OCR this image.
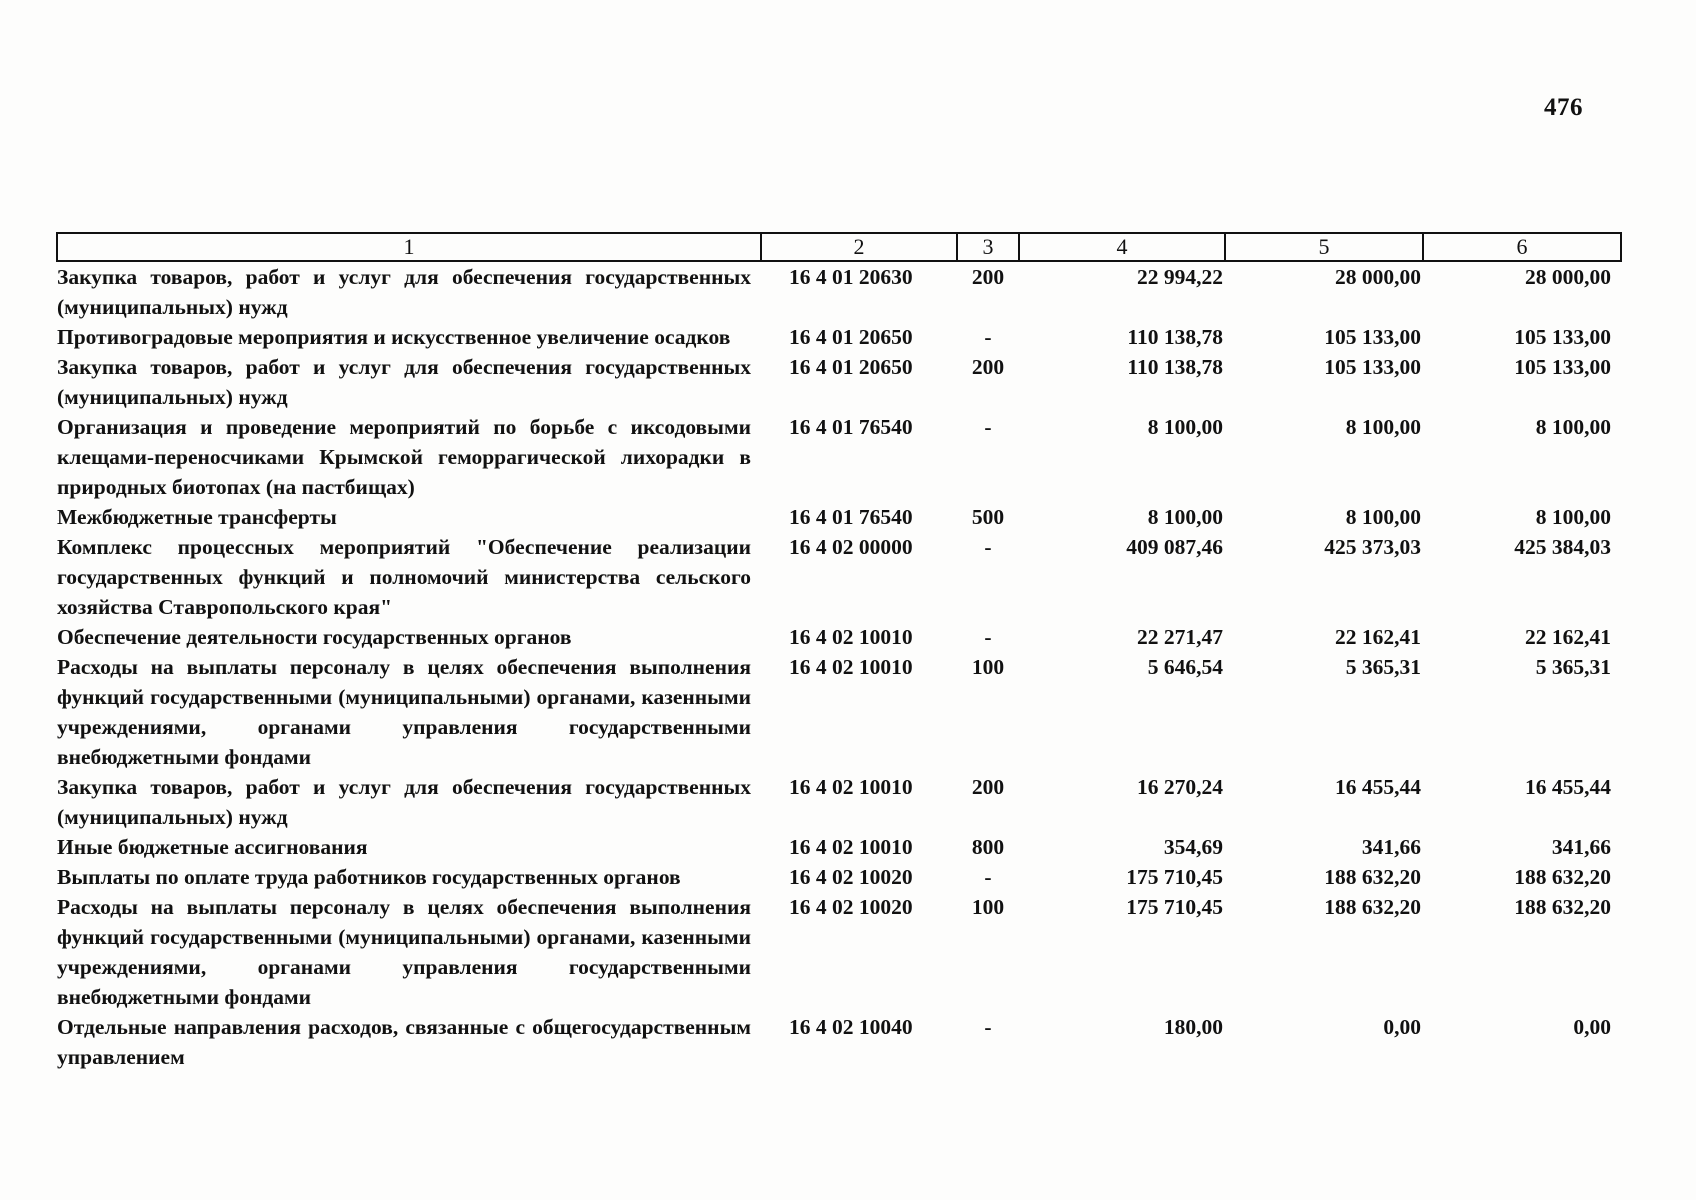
476
1	2	3	4	5	6
Закупка товаров, работ и услуг для обеспечения государственных (муниципальных) нужд	16 4 01 20630	200	22 994,22	28 000,00	28 000,00
Противоградовые мероприятия и искусственное увеличение осадков	16 4 01 20650	-	110 138,78	105 133,00	105 133,00
Закупка товаров, работ и услуг для обеспечения государственных (муниципальных) нужд	16 4 01 20650	200	110 138,78	105 133,00	105 133,00
Организация и проведение мероприятий по борьбе с иксодовыми клещами-переносчиками Крымской геморрагической лихорадки в природных биотопах (на пастбищах)	16 4 01 76540	-	8 100,00	8 100,00	8 100,00
Межбюджетные трансферты	16 4 01 76540	500	8 100,00	8 100,00	8 100,00
Комплекс процессных мероприятий "Обеспечение реализации государственных функций и полномочий министерства сельского хозяйства Ставропольского края"	16 4 02 00000	-	409 087,46	425 373,03	425 384,03
Обеспечение деятельности государственных органов	16 4 02 10010	-	22 271,47	22 162,41	22 162,41
Расходы на выплаты персоналу в целях обеспечения выполнения функций государственными (муниципальными) органами, казенными учреждениями, органами управления государственными внебюджетными фондами	16 4 02 10010	100	5 646,54	5 365,31	5 365,31
Закупка товаров, работ и услуг для обеспечения государственных (муниципальных) нужд	16 4 02 10010	200	16 270,24	16 455,44	16 455,44
Иные бюджетные ассигнования	16 4 02 10010	800	354,69	341,66	341,66
Выплаты по оплате труда работников государственных органов	16 4 02 10020	-	175 710,45	188 632,20	188 632,20
Расходы на выплаты персоналу в целях обеспечения выполнения функций государственными (муниципальными) органами, казенными учреждениями, органами управления государственными внебюджетными фондами	16 4 02 10020	100	175 710,45	188 632,20	188 632,20
Отдельные направления расходов, связанные с общегосударственным управлением	16 4 02 10040	-	180,00	0,00	0,00
